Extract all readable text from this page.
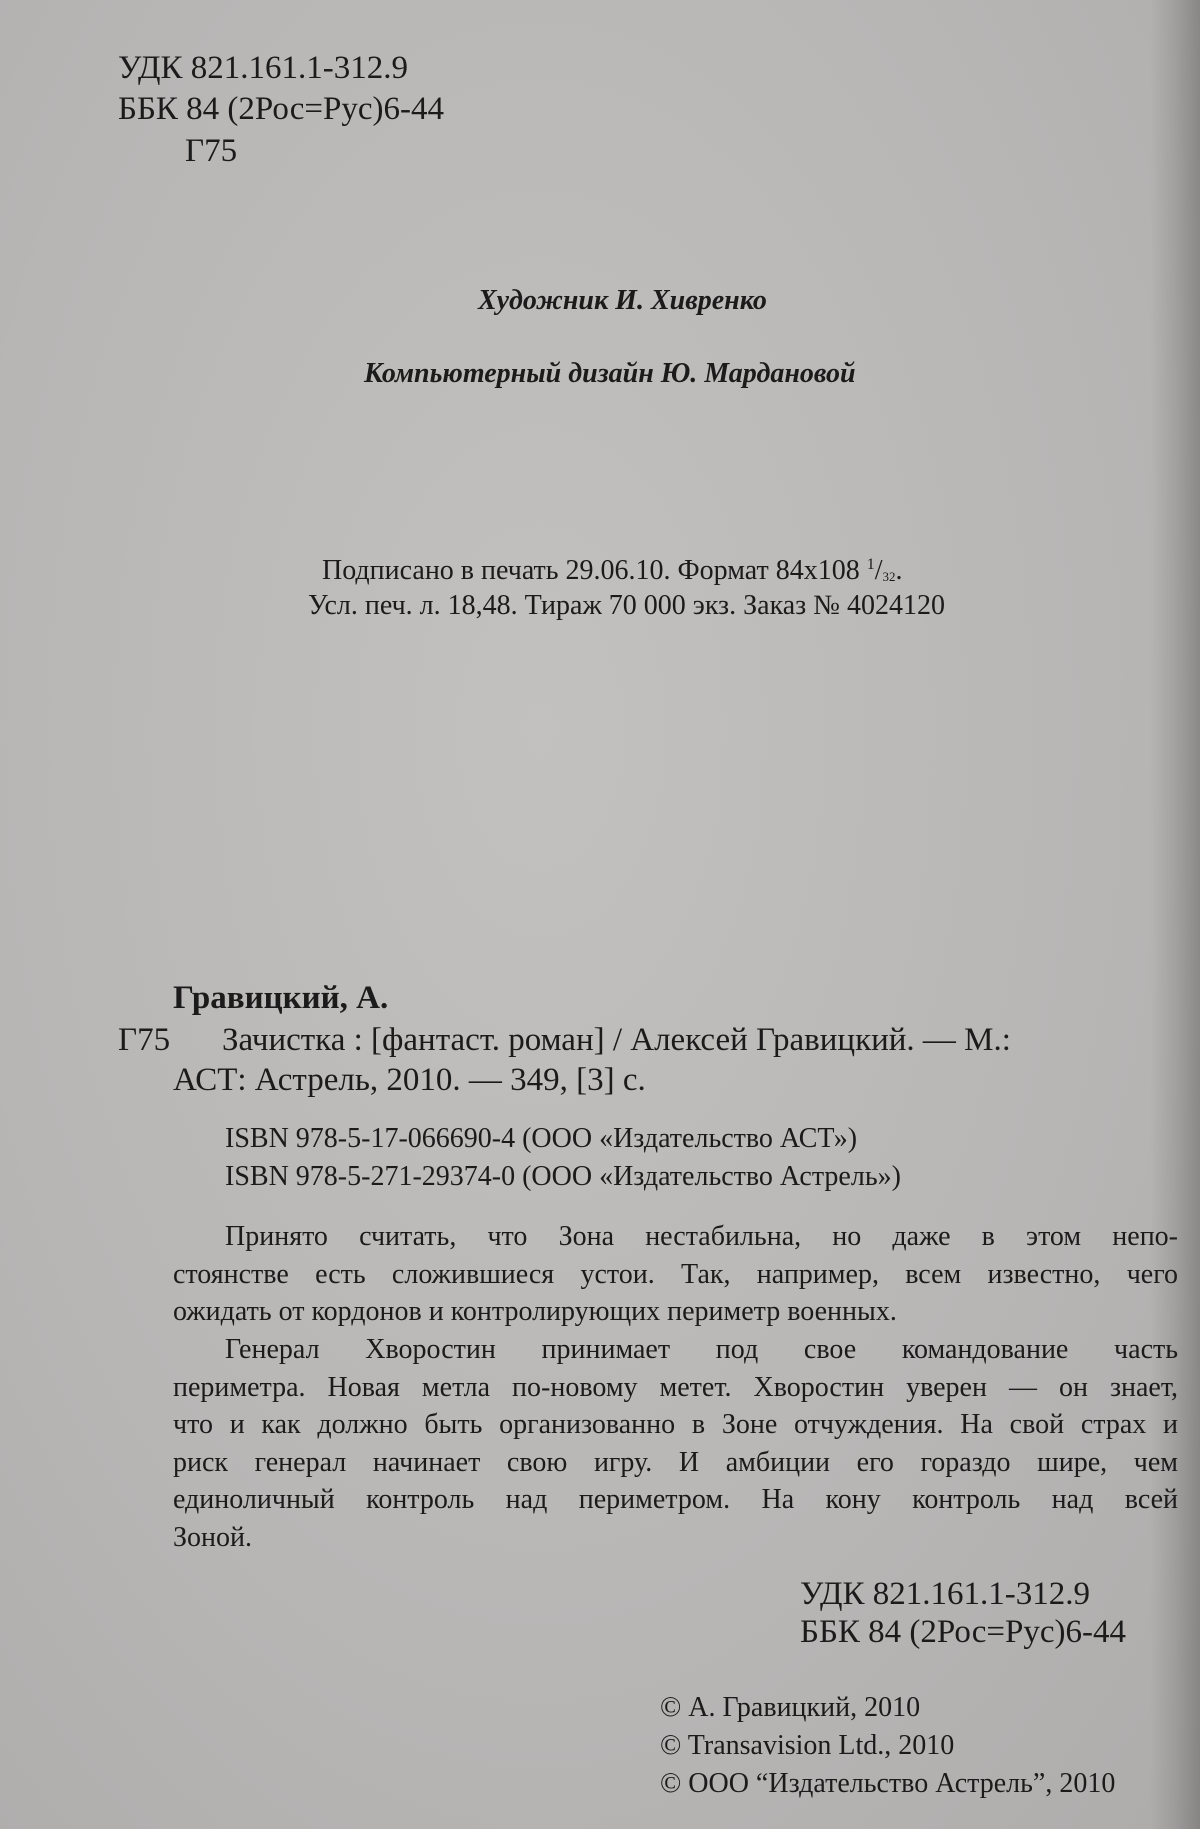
УДК 821.161.1-312.9

ББК 84 (2Рос=Рус)6-44

Г75

Художник И. Хивренко

Компьютерный дизайн Ю. Мардановой

Подписано в печать 29.06.10. Формат 84x108 $^1/_{32}$.

Усл. печ. л. 18,48. Тираж 70 000 экз. Заказ № 4024120

Гравицкий, А.

Г75 Зачистка : [фантаст. роман] / Алексей Гравицкий. — М.:

АСТ: Астрель, 2010. — 349, [3] с.

ISBN 978-5-17-066690-4 (ООО «Издательство АСТ»)

ISBN 978-5-271-29374-0 (ООО «Издательство Астрель»)

Принято считать, что Зона нестабильна, но даже в этом непо-
стоянстве есть сложившиеся устои. Так, например, всем известно, чего
ожидать от кордонов и контролирующих периметр военных.
Генерал Хворостин принимает под свое командование часть
периметра. Новая метла по-новому метет. Хворостин уверен — он знает,
что и как должно быть организованно в Зоне отчуждения. На свой страх и
риск генерал начинает свою игру. И амбиции его гораздо шире, чем
единоличный контроль над периметром. На кону контроль над всей
Зоной.

УДК 821.161.1-312.9

ББК 84 (2Рос=Рус)6-44

© А. Гравицкий, 2010

© Transavision Ltd., 2010

© ООО “Издательство Астрель”, 2010
